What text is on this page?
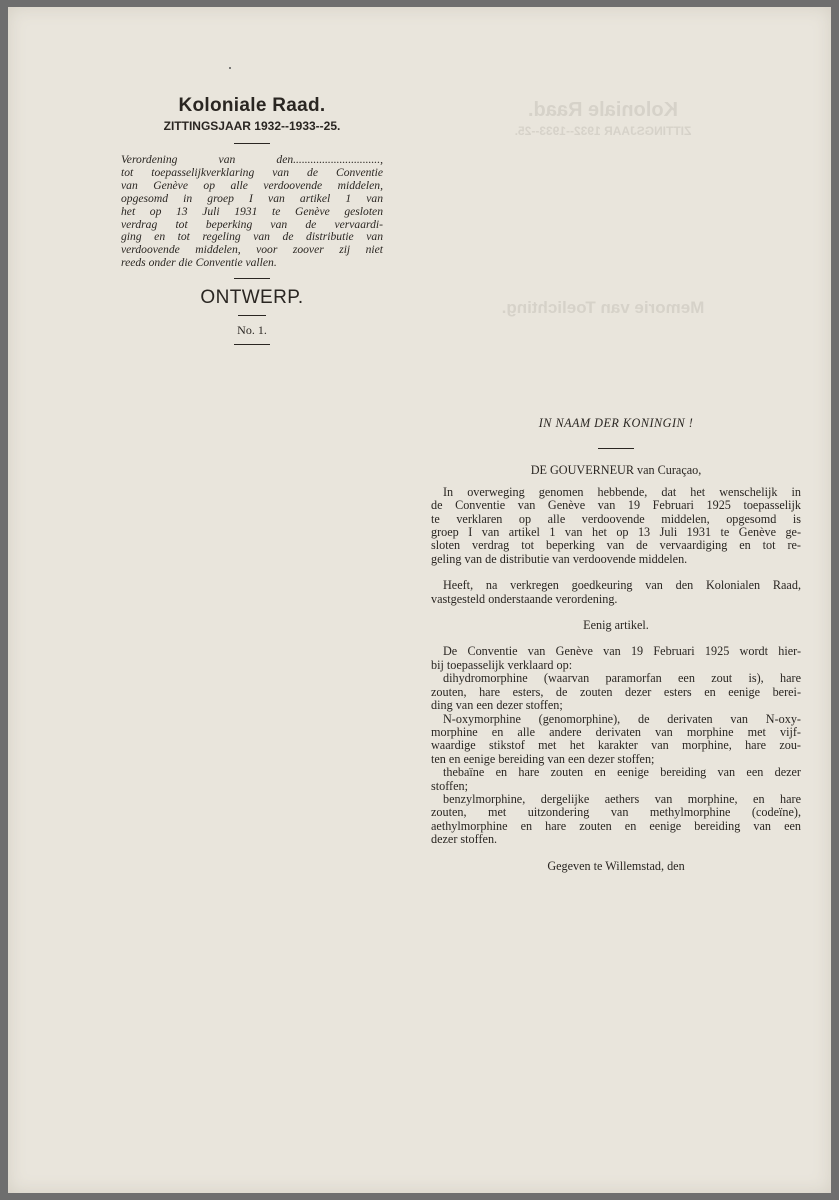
Koloniale Raad.
ZITTINGSJAAR 1932--1933--25.
Memorie van Toelichting.
Koloniale Raad.
ZITTINGSJAAR 1932--1933--25.
Verordening van den..............................,
tot toepasselijkverklaring van de Conventie
van Genève op alle verdoovende middelen,
opgesomd in groep I van artikel 1 van
het op 13 Juli 1931 te Genève gesloten
verdrag tot beperking van de vervaardi-
ging en tot regeling van de distributie van
verdoovende middelen, voor zoover zij niet
reeds onder die Conventie vallen.
ONTWERP.
No. 1.
IN NAAM DER KONINGIN !
DE GOUVERNEUR van Curaçao,
In overweging genomen hebbende, dat het wenschelijk in
de Conventie van Genève van 19 Februari 1925 toepasselijk
te verklaren op alle verdoovende middelen, opgesomd is
groep I van artikel 1 van het op 13 Juli 1931 te Genève ge-
sloten verdrag tot beperking van de vervaardiging en tot re-
geling van de distributie van verdoovende middelen.
Heeft, na verkregen goedkeuring van den Kolonialen Raad,
vastgesteld onderstaande verordening.
Eenig artikel.
De Conventie van Genève van 19 Februari 1925 wordt hier-
bij toepasselijk verklaard op:
dihydromorphine (waarvan paramorfan een zout is), hare
zouten, hare esters, de zouten dezer esters en eenige berei-
ding van een dezer stoffen;
N-oxymorphine (genomorphine), de derivaten van N-oxy-
morphine en alle andere derivaten van morphine met vijf-
waardige stikstof met het karakter van morphine, hare zou-
ten en eenige bereiding van een dezer stoffen;
thebaïne en hare zouten en eenige bereiding van een dezer
stoffen;
benzylmorphine, dergelijke aethers van morphine, en hare
zouten, met uitzondering van methylmorphine (codeïne),
aethylmorphine en hare zouten en eenige bereiding van een
dezer stoffen.
Gegeven te Willemstad, den
